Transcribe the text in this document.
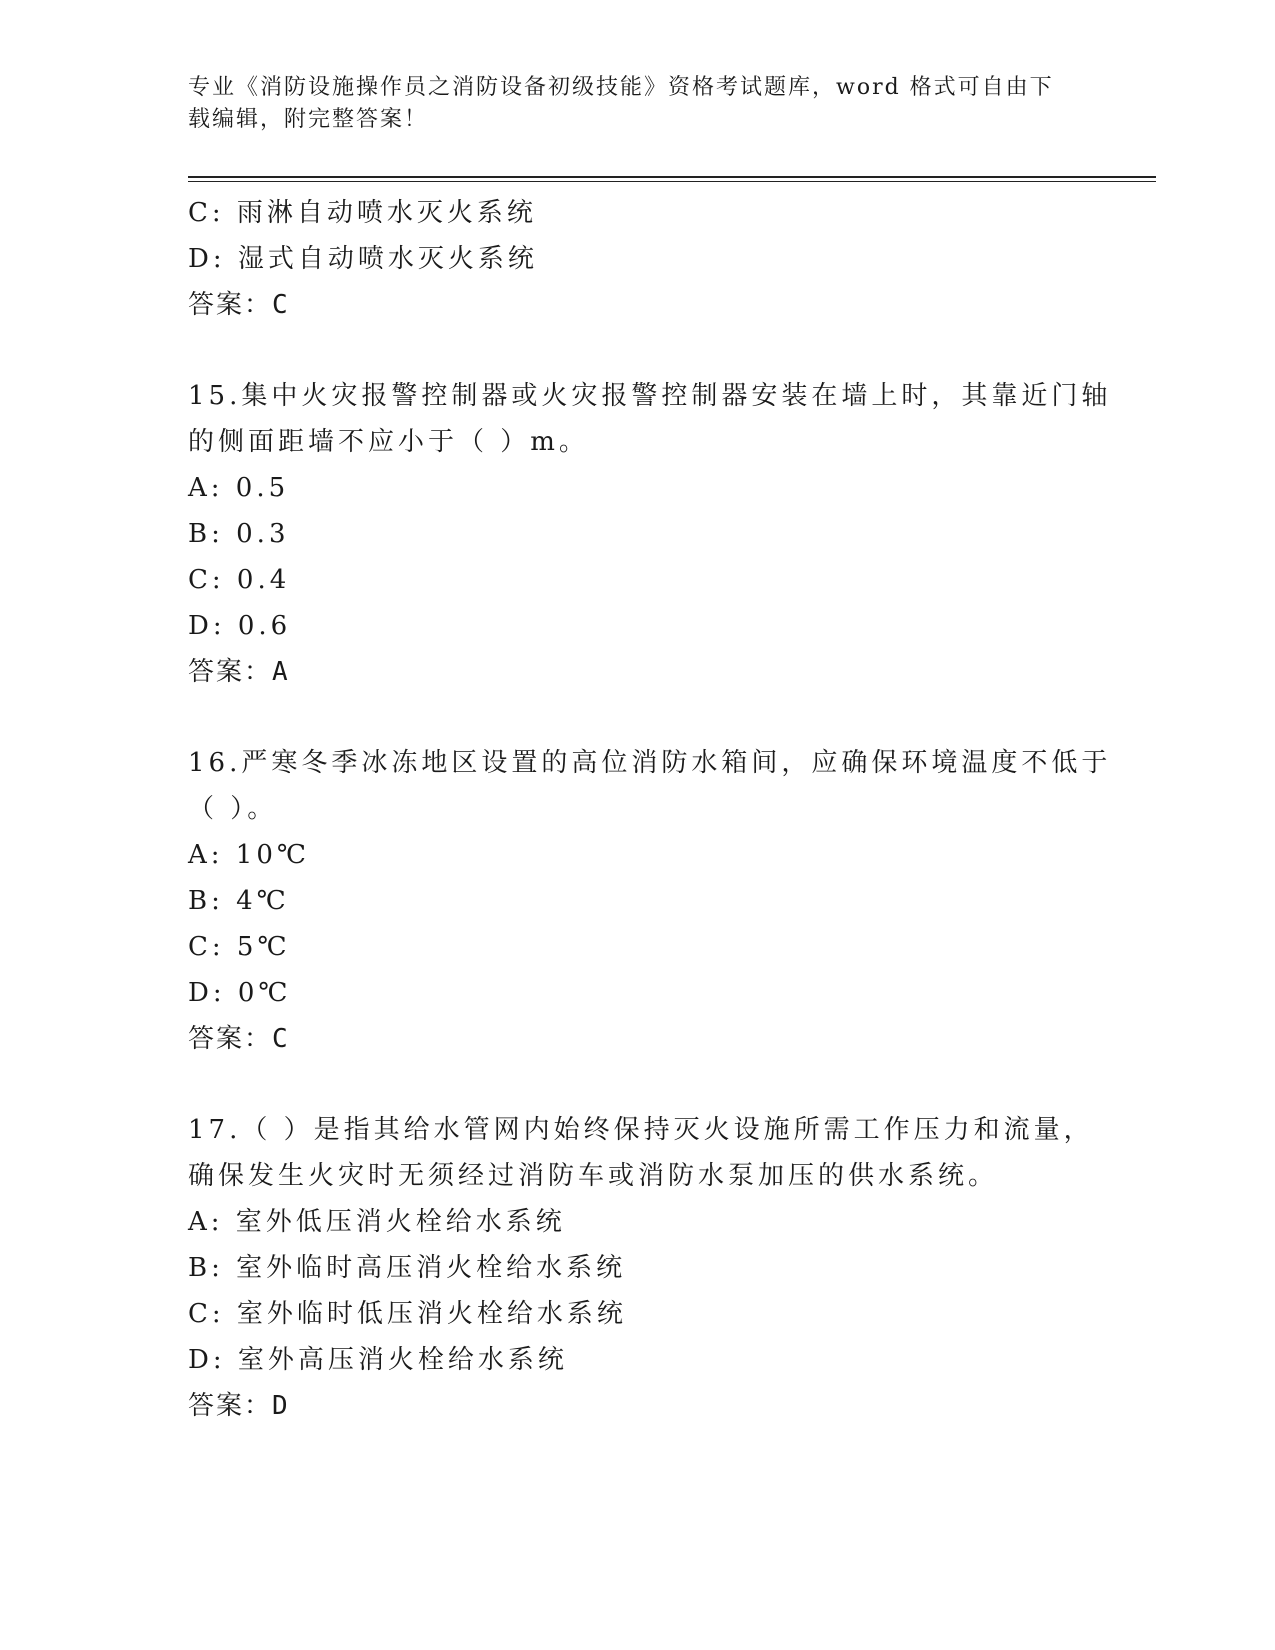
专业《消防设施操作员之消防设备初级技能》资格考试题库，word 格式可自由下
载编辑，附完整答案！
C: 雨淋自动喷水灭火系统
D: 湿式自动喷水灭火系统
答案：C
15.集中火灾报警控制器或火灾报警控制器安装在墙上时，其靠近门轴
的侧面距墙不应小于（ ）m。
A: 0.5
B: 0.3
C: 0.4
D: 0.6
答案：A
16.严寒冬季冰冻地区设置的高位消防水箱间，应确保环境温度不低于
（ ）。
A: 10℃
B: 4℃
C: 5℃
D: 0℃
答案：C
17.（ ）是指其给水管网内始终保持灭火设施所需工作压力和流量，
确保发生火灾时无须经过消防车或消防水泵加压的供水系统。
A: 室外低压消火栓给水系统
B: 室外临时高压消火栓给水系统
C: 室外临时低压消火栓给水系统
D: 室外高压消火栓给水系统
答案：D
